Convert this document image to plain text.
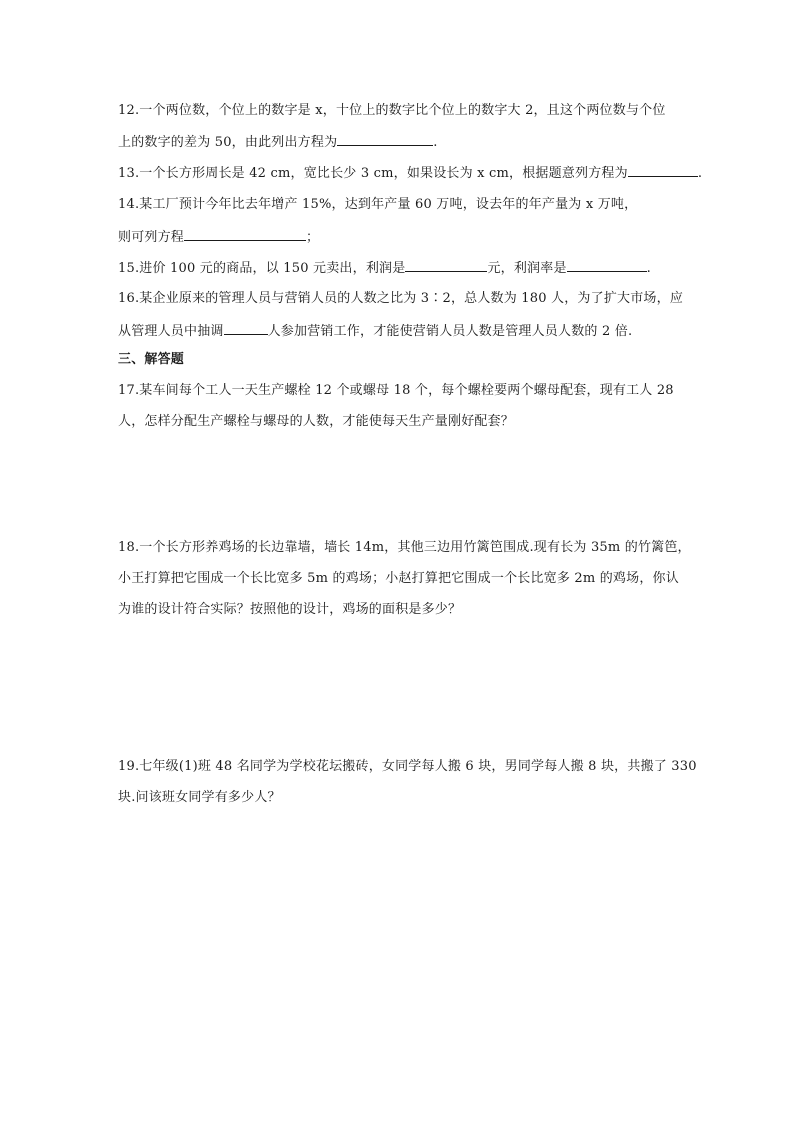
12.一个两位数，个位上的数字是 x，十位上的数字比个位上的数字大 2，且这个两位数与个位
上的数字的差为 50，由此列出方程为	.
13.一个长方形周长是 42 cm，宽比长少 3 cm，如果设长为 x cm，根据题意列方程为	.
14.某工厂预计今年比去年增产 15%，达到年产量 60 万吨，设去年的年产量为 x 万吨，
则可列方程	；
15.进价 100 元的商品，以 150 元卖出，利润是	元，利润率是	.
16.某企业原来的管理人员与营销人员的人数之比为 3∶2，总人数为 180 人，为了扩大市场，应
从管理人员中抽调	人参加营销工作，才能使营销人员人数是管理人员人数的 2 倍.
三、解答题
17.某车间每个工人一天生产螺栓 12 个或螺母 18 个，每个螺栓要两个螺母配套，现有工人 28
人，怎样分配生产螺栓与螺母的人数，才能使每天生产量刚好配套？
18.一个长方形养鸡场的长边靠墙，墙长 14m，其他三边用竹篱笆围成.现有长为 35m 的竹篱笆，
小王打算把它围成一个长比宽多 5m 的鸡场；小赵打算把它围成一个长比宽多 2m 的鸡场，你认
为谁的设计符合实际？按照他的设计，鸡场的面积是多少？
19.七年级(1)班 48 名同学为学校花坛搬砖，女同学每人搬 6 块，男同学每人搬 8 块，共搬了 330
块.问该班女同学有多少人？
